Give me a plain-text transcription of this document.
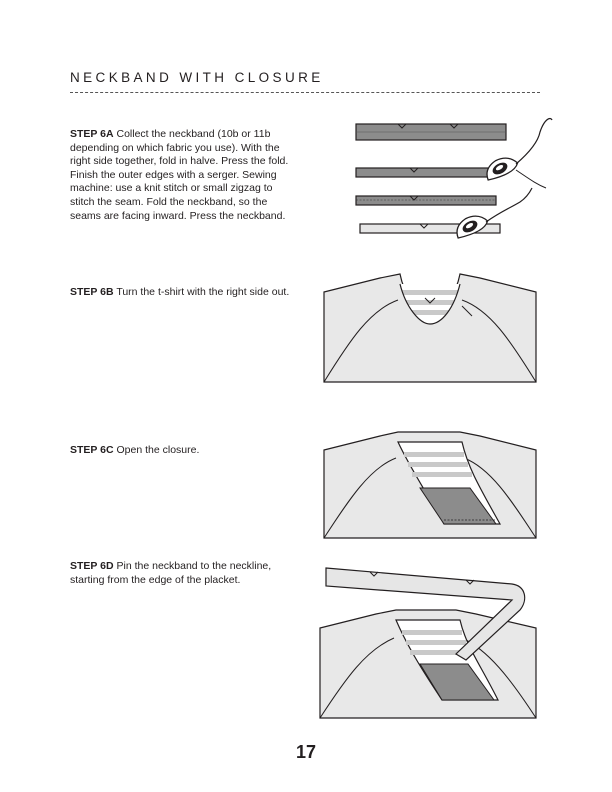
NECKBAND WITH CLOSURE
STEP 6A Collect the neckband (10b or 11b depending on which fabric you use). With the right side together, fold in halve. Press the fold. Finish the outer edges with a serger. Sewing machine: use a knit stitch or small zigzag to stitch the seam. Fold the neckband, so the seams are facing inward. Press the neckband.
STEP 6B Turn the t-shirt with the right side out.
STEP 6C Open the closure.
STEP 6D Pin the neckband to the neckline, starting from the edge of the placket.
17
